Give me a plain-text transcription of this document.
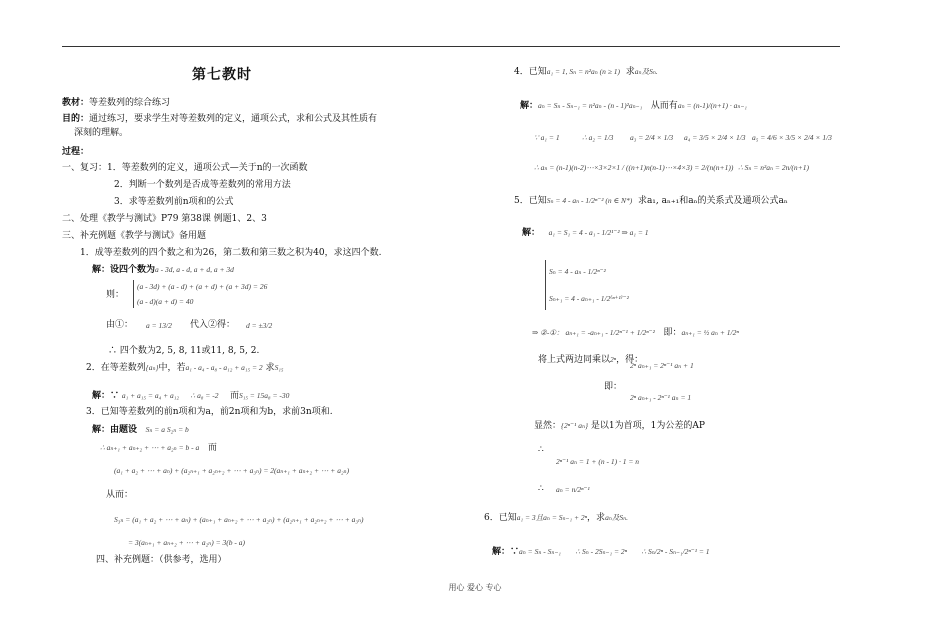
第七教时
教材：等差数列的综合练习
目的：通过练习，要求学生对等差数列的定义，通项公式，求和公式及其性质有
深刻的理解。
过程：
一、复习：1．等差数列的定义，通项公式—关于n的一次函数
2．判断一个数列是否成等差数列的常用方法
3．求等差数列前n项和的公式
二、处理《教学与测试》P79 第38课 例题1、2、3
三、补充例题《教学与测试》备用题
1．成等差数列的四个数之和为26，第二数和第三数之积为40，求这四个数.
解：设四个数为a - 3d, a - d, a + d, a + 3d
则：
(a - 3d) + (a - d) + (a + d) + (a + 3d) = 26
(a - d)(a + d) = 40
由①： a = 13/2 代入②得： d = ±3/2
∴ 四个数为2, 5, 8, 11或11, 8, 5, 2.
2．在等差数列{aₙ}中，若a₁ - a₄ - a₈ - a₁₂ + a₁₅ = 2 求S₁₅
解：∵ a₁ + a₁₅ = a₄ + a₁₂ ∴ a₈ = -2 而S₁₅ = 15a₈ = -30
3．已知等差数列的前n项和为a，前2n项和为b，求前3n项和.
解：由题设 Sₙ = a S₂ₙ = b
∴ aₙ₊₁ + aₙ₊₂ + ⋯ + a₂ₙ = b - a 而
(a₁ + a₂ + ⋯ + aₙ) + (a₂ₙ₊₁ + a₂ₙ₊₂ + ⋯ + a₃ₙ) = 2(aₙ₊₁ + aₙ₊₂ + ⋯ + a₂ₙ)
从而：
S₃ₙ = (a₁ + a₂ + ⋯ + aₙ) + (aₙ₊₁ + aₙ₊₂ + ⋯ + a₂ₙ) + (a₂ₙ₊₁ + a₂ₙ₊₂ + ⋯ + a₃ₙ)
= 3(aₙ₊₁ + aₙ₊₂ + ⋯ + a₂ₙ) = 3(b - a)
四、补充例题：（供参考，选用）
4．已知a₁ = 1, Sₙ = n²aₙ (n ≥ 1) 求aₙ及Sₙ.
解：aₙ = Sₙ - Sₙ₋₁ = n²aₙ - (n - 1)²aₙ₋₁ 从而有aₙ = (n-1)/(n+1) · aₙ₋₁
∵ a₁ = 1	∴ a₂ = 1/3 a₃ = 2/4 × 1/3 a₄ = 3/5 × 2/4 × 1/3 a₅ = 4/6 × 3/5 × 2/4 × 1/3
∴ aₙ = (n-1)(n-2)⋯×3×2×1 / ((n+1)n(n-1)⋯×4×3) = 2/(n(n+1)) ∴ Sₙ = n²aₙ = 2n/(n+1)
5．已知Sₙ = 4 - aₙ - 1/2ⁿ⁻² (n ∈ N*) 求a₁, aₙ₊₁和aₙ的关系式及通项公式aₙ
解： a₁ = S₁ = 4 - a₁ - 1/2¹⁻² ⇒ a₁ = 1
Sₙ = 4 - aₙ - 1/2ⁿ⁻²
Sₙ₊₁ = 4 - aₙ₊₁ - 1/2⁽ⁿ⁺¹⁾⁻²
⇒ ②-①： aₙ₊₁ = -aₙ₊₁ - 1/2ⁿ⁻¹ + 1/2ⁿ⁻² 即：aₙ₊₁ = ½ aₙ + 1/2ⁿ
将上式两边同乘以2ⁿ，得：
2ⁿ aₙ₊₁ = 2ⁿ⁻¹ aₙ + 1
即：
2ⁿ aₙ₊₁ - 2ⁿ⁻¹ aₙ = 1
显然：{2ⁿ⁻¹ aₙ} 是以1为首项，1为公差的AP
∴
2ⁿ⁻¹ aₙ = 1 + (n - 1) · 1 = n
∴ aₙ = n/2ⁿ⁻¹
6．已知a₁ = 3且aₙ = Sₙ₋₁ + 2ⁿ，求aₙ及Sₙ.
解：∵aₙ = Sₙ - Sₙ₋₁ ∴ Sₙ - 2Sₙ₋₁ = 2ⁿ ∴ Sₙ/2ⁿ - Sₙ₋₁/2ⁿ⁻¹ = 1
用心 爱心 专心
